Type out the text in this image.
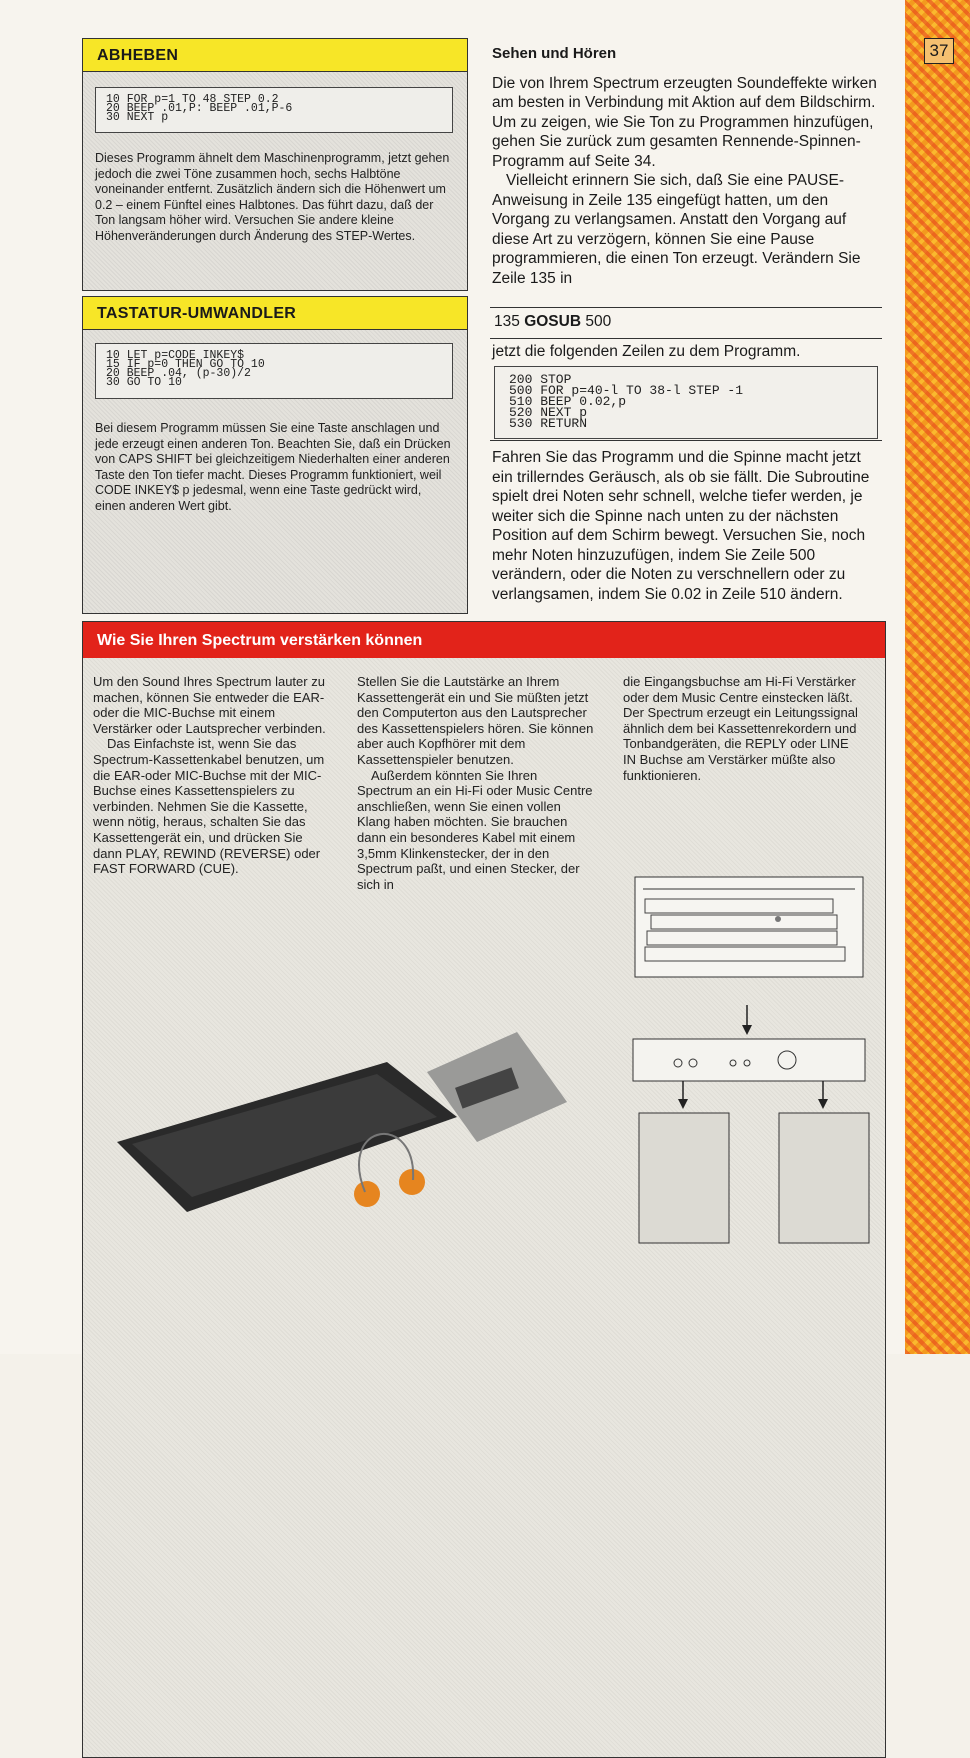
37
ABHEBEN
10 FOR p=1 TO 48 STEP 0.2
20 BEEP .01,P: BEEP .01,P-6
30 NEXT p
Dieses Programm ähnelt dem Maschinenprogramm, jetzt gehen jedoch die zwei Töne zusammen hoch, sechs Halbtöne voneinander entfernt. Zusätzlich ändern sich die Höhenwert um 0.2 – einem Fünftel eines Halbtones. Das führt dazu, daß der Ton langsam höher wird. Versuchen Sie andere kleine Höhenveränderungen durch Änderung des STEP-Wertes.
TASTATUR-UMWANDLER
10 LET p=CODE INKEY$
15 IF p=0 THEN GO TO 10
20 BEEP .04, (p-30)/2
30 GO TO 10
Bei diesem Programm müssen Sie eine Taste anschlagen und jede erzeugt einen anderen Ton. Beachten Sie, daß ein Drücken von CAPS SHIFT bei gleichzeitigem Niederhalten einer anderen Taste den Ton tiefer macht. Dieses Programm funktioniert, weil CODE INKEY$ p jedesmal, wenn eine Taste gedrückt wird, einen anderen Wert gibt.
Sehen und Hören

Die von Ihrem Spectrum erzeugten Soundeffekte wirken am besten in Verbindung mit Aktion auf dem Bildschirm. Um zu zeigen, wie Sie Ton zu Programmen hinzufügen, gehen Sie zurück zum gesamten Rennende-Spinnen-Programm auf Seite 34.

Vielleicht erinnern Sie sich, daß Sie eine PAUSE-Anweisung in Zeile 135 eingefügt hatten, um den Vorgang zu verlangsamen. Anstatt den Vorgang auf diese Art zu verzögern, können Sie eine Pause programmieren, die einen Ton erzeugt. Verändern Sie Zeile 135 in

135 GOSUB 500
jetzt die folgenden Zeilen zu dem Programm.
200 STOP
500 FOR p=40-l TO 38-l STEP -1
510 BEEP 0.02,p
520 NEXT p
530 RETURN
Fahren Sie das Programm und die Spinne macht jetzt ein trillerndes Geräusch, als ob sie fällt. Die Subroutine spielt drei Noten sehr schnell, welche tiefer werden, je weiter sich die Spinne nach unten zu der nächsten Position auf dem Schirm bewegt. Versuchen Sie, noch mehr Noten hinzuzufügen, indem Sie Zeile 500 verändern, oder die Noten zu verschnellern oder zu verlangsamen, indem Sie 0.02 in Zeile 510 ändern.
Wie Sie Ihren Spectrum verstärken können

Um den Sound Ihres Spectrum lauter zu machen, können Sie entweder die EAR- oder die MIC-Buchse mit einem Verstärker oder Lautsprecher verbinden.

Das Einfachste ist, wenn Sie das Spectrum-Kassettenkabel benutzen, um die EAR-oder MIC-Buchse mit der MIC-Buchse eines Kassettenspielers zu verbinden. Nehmen Sie die Kassette, wenn nötig, heraus, schalten Sie das Kassettengerät ein, und drücken Sie dann PLAY, REWIND (REVERSE) oder FAST FORWARD (CUE).

Stellen Sie die Lautstärke an Ihrem Kassettengerät ein und Sie müßten jetzt den Computerton aus den Lautsprecher des Kassettenspielers hören. Sie können aber auch Kopfhörer mit dem Kassettenspieler benutzen.

Außerdem könnten Sie Ihren Spectrum an ein Hi-Fi oder Music Centre anschließen, wenn Sie einen vollen Klang haben möchten. Sie brauchen dann ein besonderes Kabel mit einem 3,5mm Klinkenstecker, der in den Spectrum paßt, und einen Stecker, der sich in

die Eingangsbuchse am Hi-Fi Verstärker oder dem Music Centre einstecken läßt. Der Spectrum erzeugt ein Leitungssignal ähnlich dem bei Kassettenrekordern und Tonbandgeräten, die REPLY oder LINE IN Buchse am Verstärker müßte also funktionieren.
